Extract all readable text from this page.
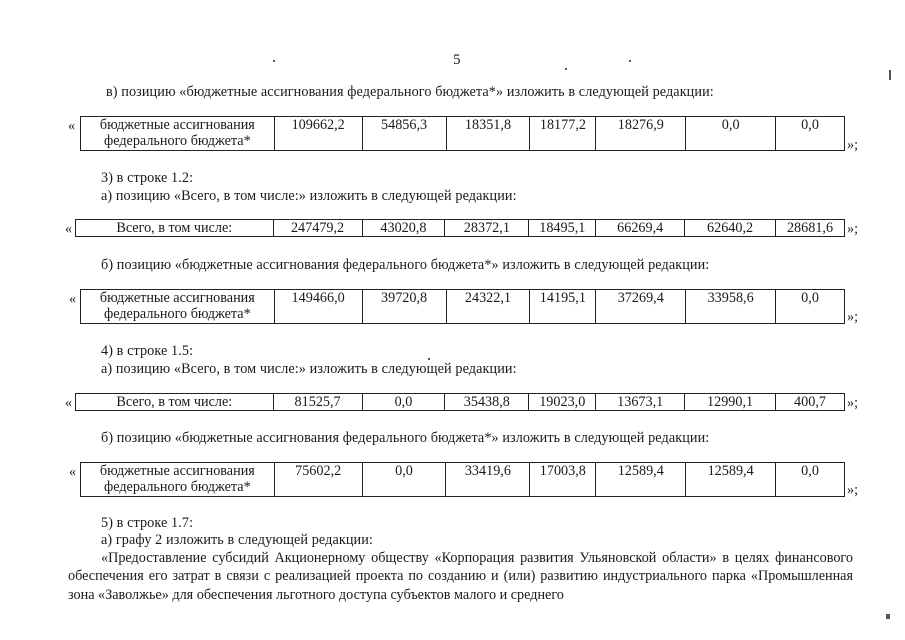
5
в) позицию «бюджетные ассигнования федерального бюджета*» изложить в следующей редакции:
«	бюджетные ассигнования
федерального бюджета*
	109662,2	54856,3	18351,8	18177,2	18276,9	0,0	0,0
»;
3) в строке 1.2:
а) позицию «Всего, в том числе:» изложить в следующей редакции:
«	Всего, в том числе:	247479,2	43020,8	28372,1	18495,1	66269,4	62640,2	28681,6 »;
б) позицию «бюджетные ассигнования федерального бюджета*» изложить в следующей редакции:
«	бюджетные ассигнования
федерального бюджета*
	149466,0	39720,8	24322,1	14195,1	37269,4	33958,6	0,0
»;
4) в строке 1.5:
а) позицию «Всего, в том числе:» изложить в следующей редакции:
«	Всего, в том числе:	81525,7	0,0	35438,8	19023,0	13673,1	12990,1	400,7 »;
б) позицию «бюджетные ассигнования федерального бюджета*» изложить в следующей редакции:
«	бюджетные ассигнования
федерального бюджета*
	75602,2	0,0	33419,6	17003,8	12589,4	12589,4	0,0
»;
5) в строке 1.7:
а) графу 2 изложить в следующей редакции:
«Предоставление субсидий Акционерному обществу «Корпорация развития Ульяновской области» в целях финансового обеспечения его затрат в связи с реализацией проекта по созданию и (или) развитию индустриального парка «Промышленная зона «Заволжье» для обеспечения льготного доступа субъектов малого и среднего
